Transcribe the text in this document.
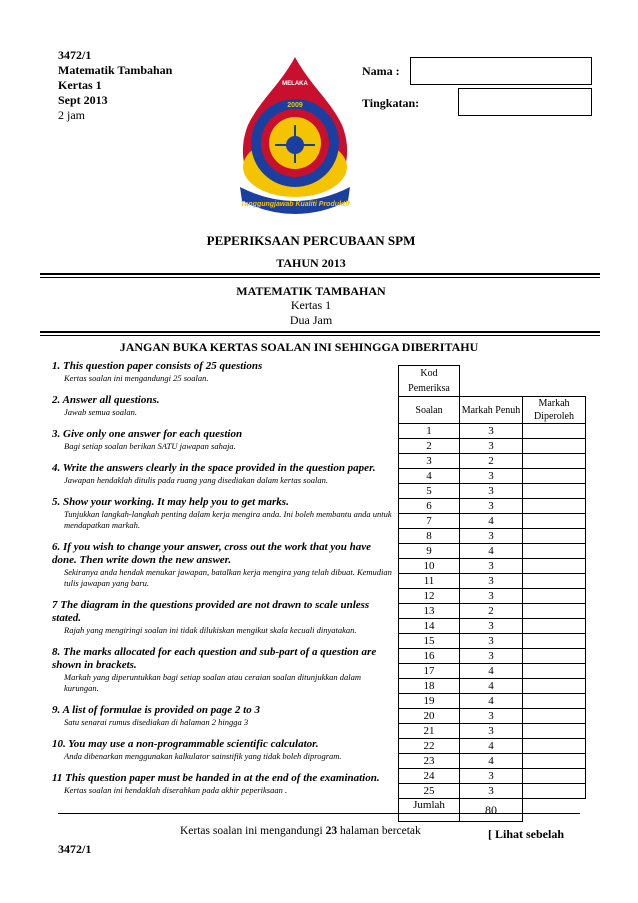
3472/1
Matematik Tambahan
Kertas 1
Sept 2013
2 jam
Nama :
Tingkatan:
2009
MELAKA
Tanggungjawab Kualiti Produktif
PEPERIKSAAN PERCUBAAN SPM
TAHUN 2013
MATEMATIK TAMBAHAN
Kertas 1
Dua Jam
JANGAN BUKA KERTAS SOALAN INI SEHINGGA DIBERITAHU
1. This question paper consists of 25 questions
Kertas soalan ini mengandungi 25 soalan.
2. Answer all questions.
Jawab semua soalan.
3. Give only one answer for each question
Bagi setiap soalan berikan SATU jawapan sahaja.
4. Write the answers clearly in the space provided in the question paper.
Jawapan hendaklah ditulis pada ruang yang disediakan dalam kertas soalan.
5. Show your working. It may help you to get marks.
Tunjukkan langkah-langkah penting dalam kerja mengira anda. Ini boleh membantu anda untuk mendapatkan markah.
6. If you wish to change your answer, cross out the work that you have done. Then write down the new answer.
Sekiranya anda hendak menukar jawapan, batalkan kerja mengira yang telah dibuat. Kemudian tulis jawapan yang baru.
7 The diagram in the questions provided are not drawn to scale unless stated.
Rajah yang mengiringi soalan ini tidak dilukiskan mengikut skala kecuali dinyatakan.
8. The marks allocated for each question and sub-part of a question are shown in brackets.
Markah yang diperuntukkan bagi setiap soalan atau ceraian soalan ditunjukkan dalam kurungan.
9. A list of formulae is provided on page 2 to 3
Satu senarai rumus disediakan di halaman 2 hingga 3
10. You may use a non-programmable scientific calculator.
Anda dibenarkan menggunakan kalkulator sainstifik yang tidak boleh diprogram.
11 This question paper must be handed in at the end of the examination.
Kertas soalan ini hendaklah diserahkan pada akhir peperiksaan .
Kod Pemeriksa		
Soalan	Markah Penuh	Markah Diperoleh
1	3	
2	3	
3	2	
4	3	
5	3	
6	3	
7	4	
8	3	
9	4	
10	3	
11	3	
12	3	
13	2	
14	3	
15	3	
16	3	
17	4	
18	4	
19	4	
20	3	
21	3	
22	4	
23	4	
24	3	
25	3	
Jumlah	80	
Kertas soalan ini mengandungi 23 halaman bercetak	[ Lihat sebelah
3472/1
